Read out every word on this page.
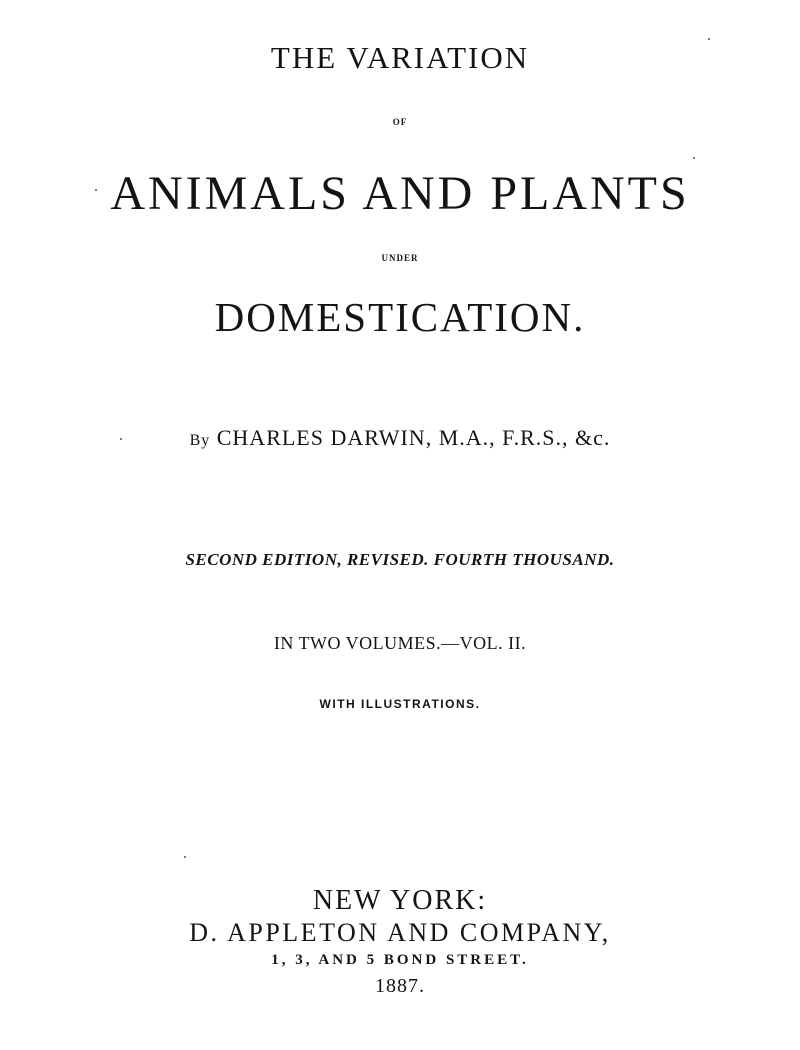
THE VARIATION
OF
ANIMALS AND PLANTS
UNDER
DOMESTICATION.
By CHARLES DARWIN, M.A., F.R.S., &c.
SECOND EDITION, REVISED. FOURTH THOUSAND.
IN TWO VOLUMES.—VOL. II.
WITH ILLUSTRATIONS.
NEW YORK:
D. APPLETON AND COMPANY,
1, 3, AND 5 BOND STREET.
1887.
